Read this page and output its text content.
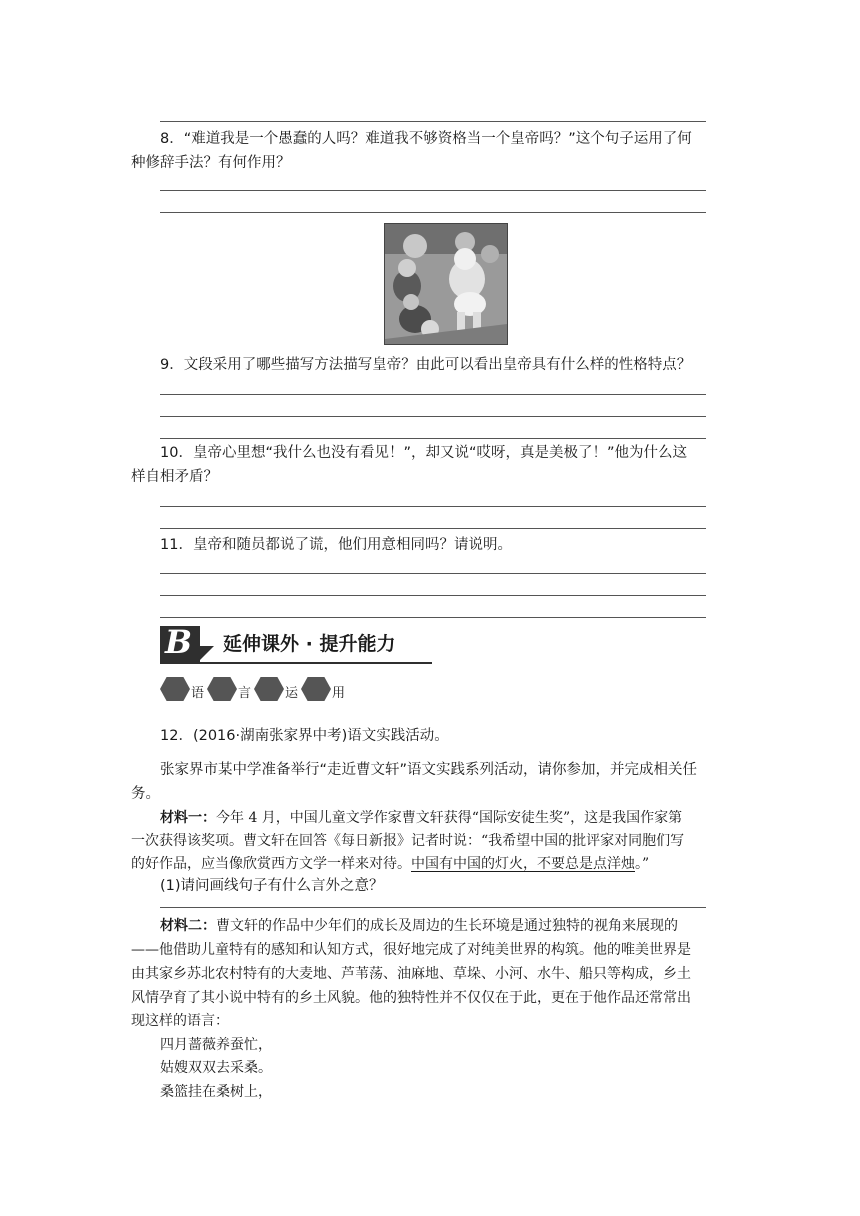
8．“难道我是一个愚蠢的人吗？难道我不够资格当一个皇帝吗？”这个句子运用了何
种修辞手法？有何作用？
9．文段采用了哪些描写方法描写皇帝？由此可以看出皇帝具有什么样的性格特点？
10．皇帝心里想“我什么也没有看见！”，却又说“哎呀，真是美极了！”他为什么这
样自相矛盾？
11．皇帝和随员都说了谎，他们用意相同吗？请说明。
B 延伸课外 · 提升能力
语	言	运	用
12．(2016·湖南张家界中考)语文实践活动。
张家界市某中学准备举行“走近曹文轩”语文实践系列活动，请你参加，并完成相关任
务。
材料一：今年 4 月，中国儿童文学作家曹文轩获得“国际安徒生奖”，这是我国作家第
一次获得该奖项。曹文轩在回答《每日新报》记者时说：“我希望中国的批评家对同胞们写
的好作品，应当像欣赏西方文学一样来对待。中国有中国的灯火，不要总是点洋烛。”
(1)请问画线句子有什么言外之意？
材料二：曹文轩的作品中少年们的成长及周边的生长环境是通过独特的视角来展现的
——他借助儿童特有的感知和认知方式，很好地完成了对纯美世界的构筑。他的唯美世界是
由其家乡苏北农村特有的大麦地、芦苇荡、油麻地、草垛、小河、水牛、船只等构成，乡土
风情孕育了其小说中特有的乡土风貌。他的独特性并不仅仅在于此，更在于他作品还常常出
现这样的语言：
四月蔷薇养蚕忙，
姑嫂双双去采桑。
桑篮挂在桑树上，
